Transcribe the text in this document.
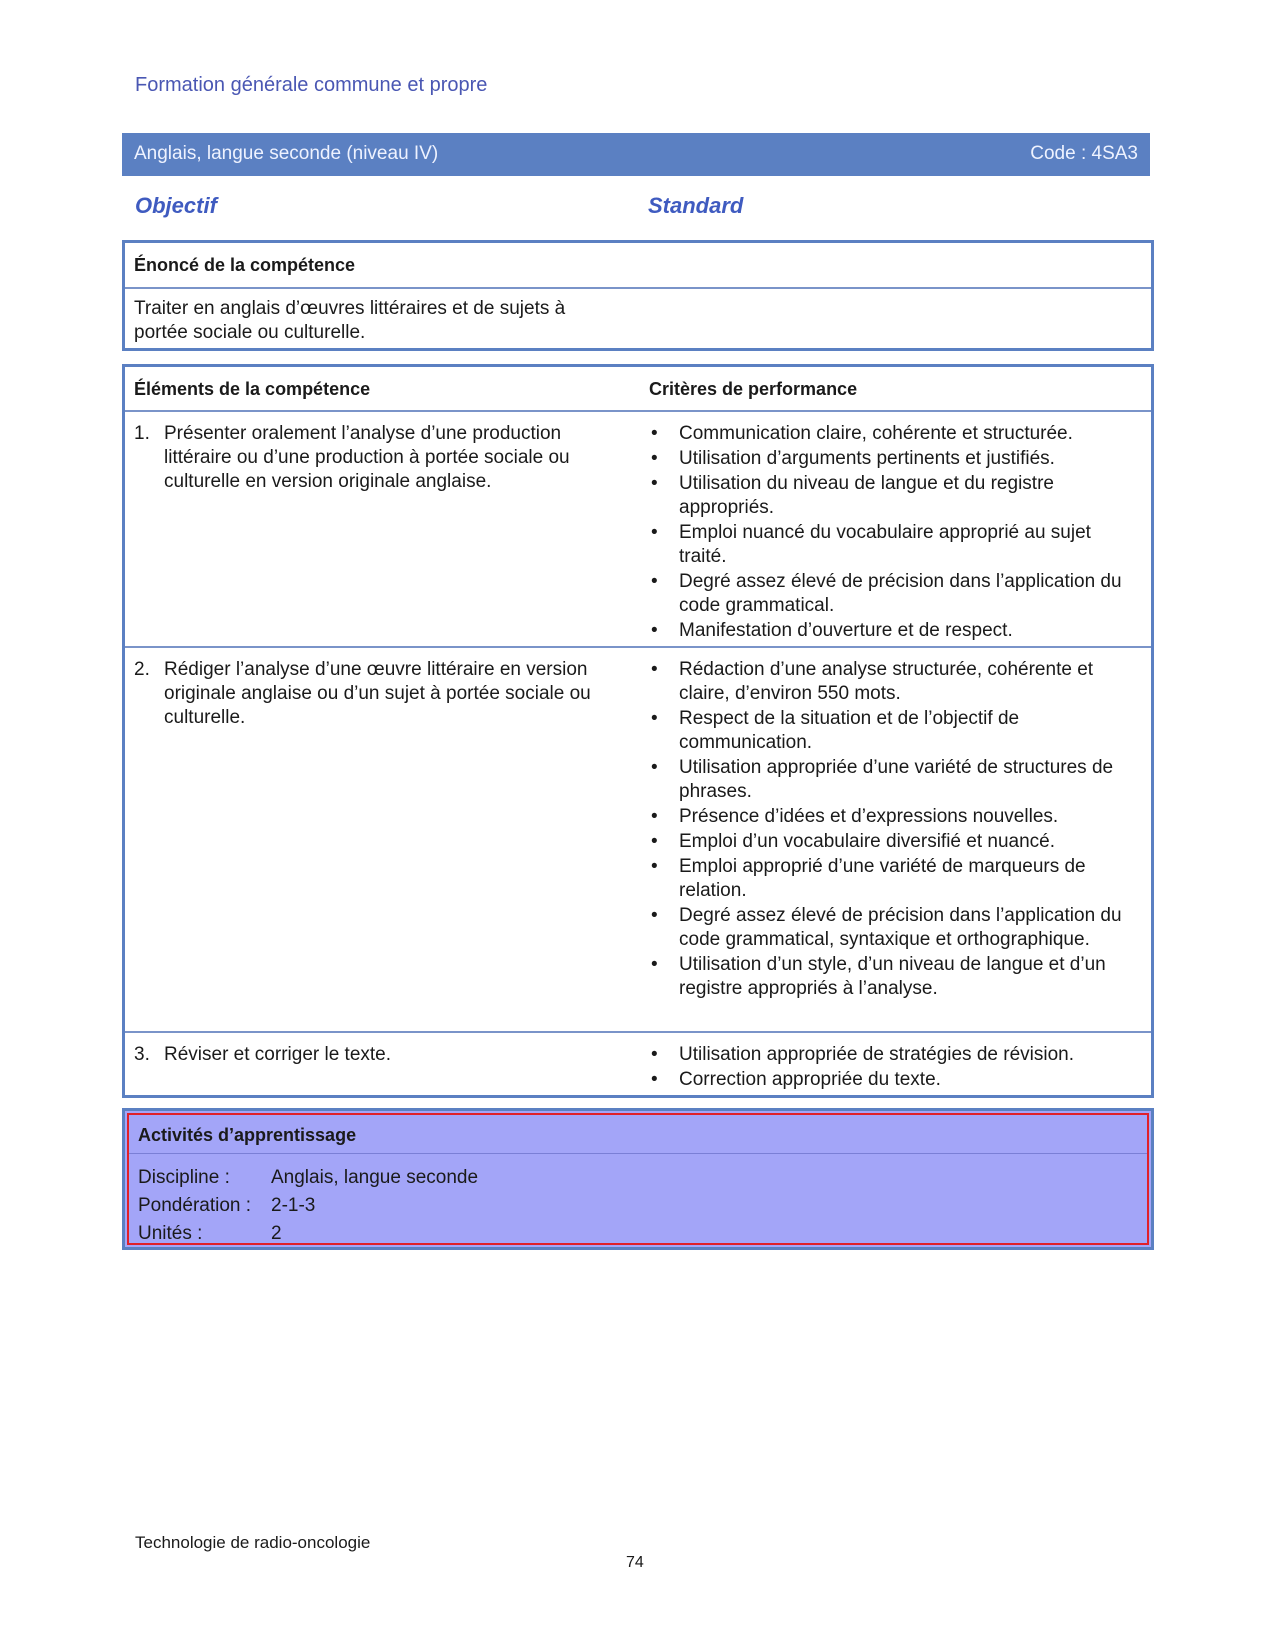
Formation générale commune et propre
Anglais, langue seconde (niveau IV)	Code : 4SA3
Objectif	Standard
Énoncé de la compétence
Traiter en anglais d’œuvres littéraires et de sujets à portée sociale ou culturelle.
Éléments de la compétence	Critères de performance
1. Présenter oralement l’analyse d’une production littéraire ou d’une production à portée sociale ou culturelle en version originale anglaise.
• Communication claire, cohérente et structurée.
• Utilisation d’arguments pertinents et justifiés.
• Utilisation du niveau de langue et du registre appropriés.
• Emploi nuancé du vocabulaire approprié au sujet traité.
• Degré assez élevé de précision dans l’application du code grammatical.
• Manifestation d’ouverture et de respect.
2. Rédiger l’analyse d’une œuvre littéraire en version originale anglaise ou d’un sujet à portée sociale ou culturelle.
• Rédaction d’une analyse structurée, cohérente et claire, d’environ 550 mots.
• Respect de la situation et de l’objectif de communication.
• Utilisation appropriée d’une variété de structures de phrases.
• Présence d’idées et d’expressions nouvelles.
• Emploi d’un vocabulaire diversifié et nuancé.
• Emploi approprié d’une variété de marqueurs de relation.
• Degré assez élevé de précision dans l’application du code grammatical, syntaxique et orthographique.
• Utilisation d’un style, d’un niveau de langue et d’un registre appropriés à l’analyse.
3. Réviser et corriger le texte.
•	Utilisation appropriée de stratégies de révision.
• Correction appropriée du texte.
Activités d’apprentissage
Discipline : Anglais, langue seconde
Pondération : 2-1-3
Unités :	2
Technologie de radio-oncologie
74
